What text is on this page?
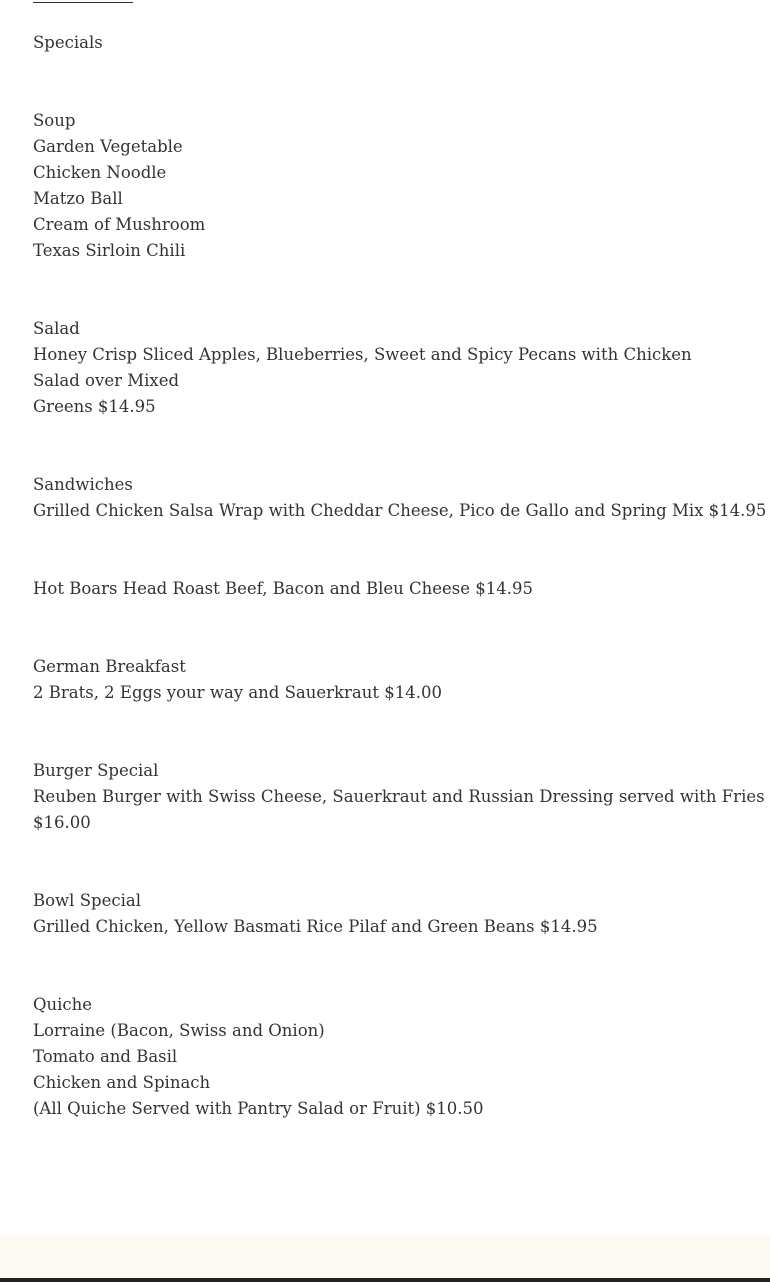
Specials
Soup
Garden Vegetable
Chicken Noodle
Matzo Ball
Cream of Mushroom
Texas Sirloin Chili
Salad
Honey Crisp Sliced Apples, Blueberries, Sweet and Spicy Pecans with Chicken Salad over Mixed
Greens $14.95
Sandwiches
Grilled Chicken Salsa Wrap with Cheddar Cheese, Pico de Gallo and Spring Mix $14.95
Hot Boars Head Roast Beef, Bacon and Bleu Cheese $14.95
German Breakfast
2 Brats, 2 Eggs your way and Sauerkraut $14.00
Burger Special
Reuben Burger with Swiss Cheese, Sauerkraut and Russian Dressing served with Fries
$16.00
Bowl Special
Grilled Chicken, Yellow Basmati Rice Pilaf and Green Beans $14.95
Quiche
Lorraine (Bacon, Swiss and Onion)
Tomato and Basil
Chicken and Spinach
(All Quiche Served with Pantry Salad or Fruit) $10.50
